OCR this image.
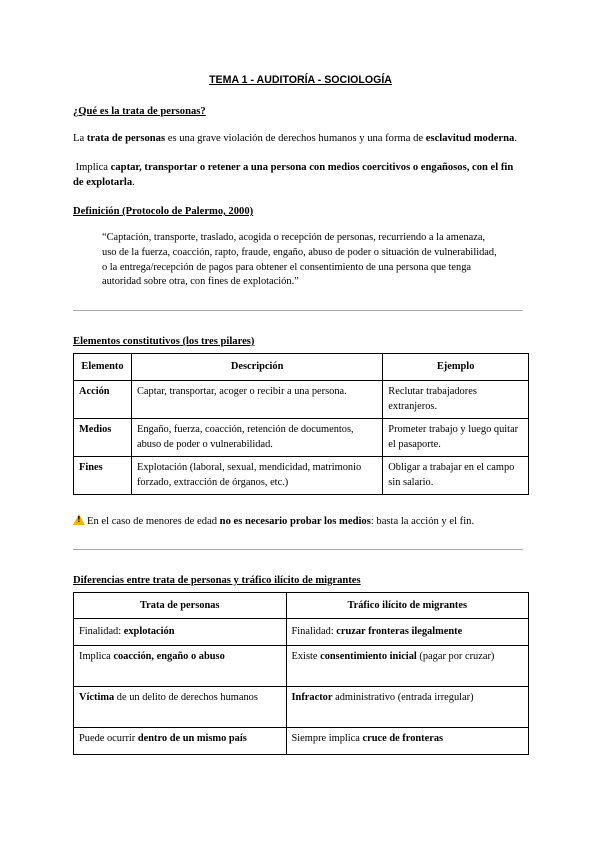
TEMA 1 - AUDITORÍA - SOCIOLOGÍA
¿Qué es la trata de personas?
La trata de personas es una grave violación de derechos humanos y una forma de esclavitud moderna.
Implica captar, transportar o retener a una persona con medios coercitivos o engañosos, con el fin de explotarla.
Definición (Protocolo de Palermo, 2000)
“Captación, transporte, traslado, acogida o recepción de personas, recurriendo a la amenaza, uso de la fuerza, coacción, rapto, fraude, engaño, abuso de poder o situación de vulnerabilidad, o la entrega/recepción de pagos para obtener el consentimiento de una persona que tenga autoridad sobre otra, con fines de explotación.”
Elementos constitutivos (los tres pilares)
Elemento	Descripción	Ejemplo
Acción	Captar, transportar, acoger o recibir a una persona.	Reclutar trabajadores extranjeros.
Medios	Engaño, fuerza, coacción, retención de documentos, abuso de poder o vulnerabilidad.	Prometer trabajo y luego quitar el pasaporte.
Fines	Explotación (laboral, sexual, mendicidad, matrimonio forzado, extracción de órganos, etc.)	Obligar a trabajar en el campo sin salario.
!En el caso de menores de edad no es necesario probar los medios: basta la acción y el fin.
Diferencias entre trata de personas y tráfico ilícito de migrantes
Trata de personas	Tráfico ilícito de migrantes
Finalidad: explotación	Finalidad: cruzar fronteras ilegalmente
Implica coacción, engaño o abuso	Existe consentimiento inicial (pagar por cruzar)
Víctima de un delito de derechos humanos	Infractor administrativo (entrada irregular)
Puede ocurrir dentro de un mismo país	Siempre implica cruce de fronteras
